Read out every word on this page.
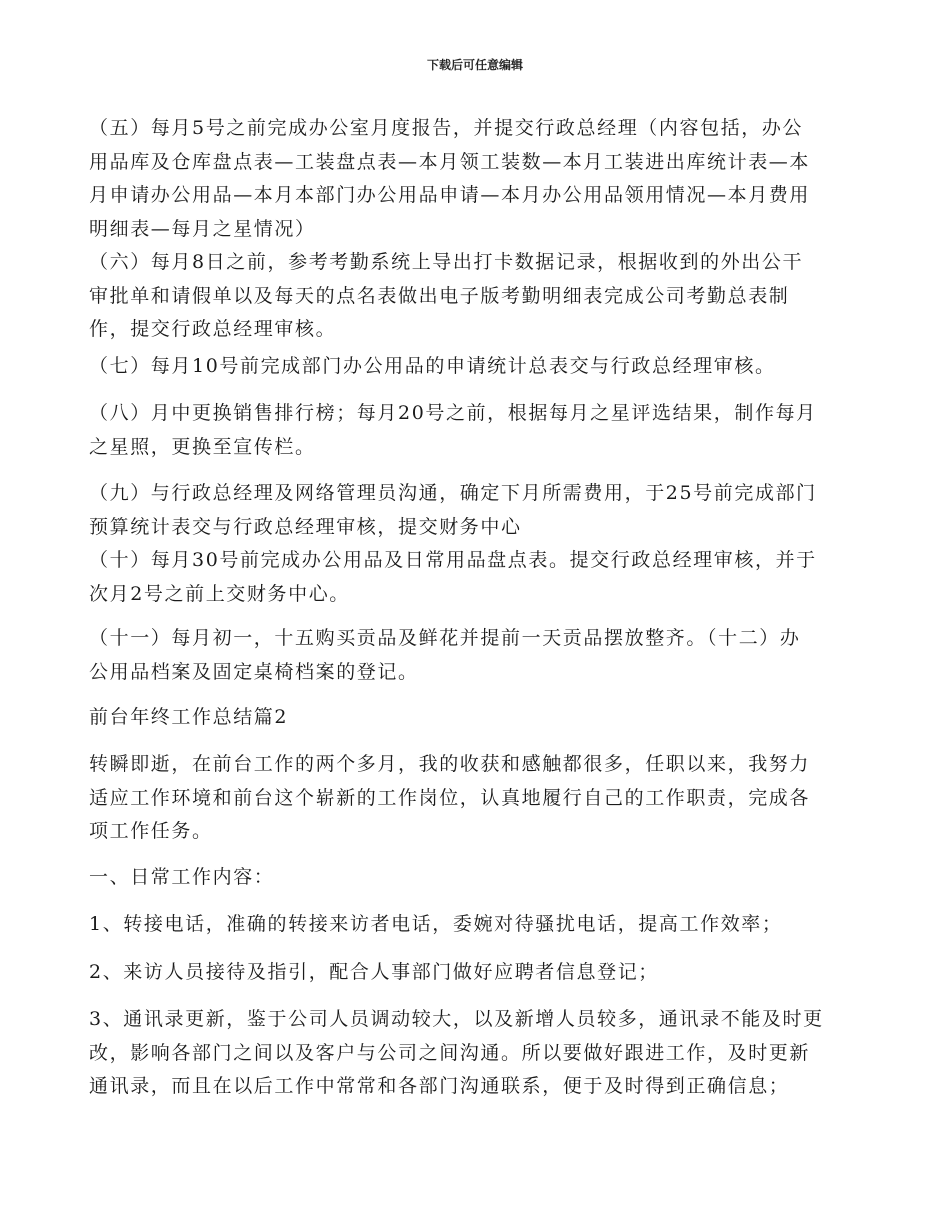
下载后可任意编辑
（五）每月5号之前完成办公室月度报告，并提交行政总经理（内容包括，办公
用品库及仓库盘点表—工装盘点表—本月领工装数—本月工装进出库统计表—本
月申请办公用品—本月本部门办公用品申请—本月办公用品领用情况—本月费用
明细表—每月之星情况）
（六）每月8日之前，参考考勤系统上导出打卡数据记录，根据收到的外出公干
审批单和请假单以及每天的点名表做出电子版考勤明细表完成公司考勤总表制
作，提交行政总经理审核。
（七）每月10号前完成部门办公用品的申请统计总表交与行政总经理审核。
（八）月中更换销售排行榜；每月20号之前，根据每月之星评选结果，制作每月
之星照，更换至宣传栏。
（九）与行政总经理及网络管理员沟通，确定下月所需费用，于25号前完成部门
预算统计表交与行政总经理审核，提交财务中心
（十）每月30号前完成办公用品及日常用品盘点表。提交行政总经理审核，并于
次月2号之前上交财务中心。
（十一）每月初一，十五购买贡品及鲜花并提前一天贡品摆放整齐。（十二）办
公用品档案及固定桌椅档案的登记。
前台年终工作总结篇2
转瞬即逝，在前台工作的两个多月，我的收获和感触都很多，任职以来，我努力
适应工作环境和前台这个崭新的工作岗位，认真地履行自己的工作职责，完成各
项工作任务。
一、日常工作内容：
1、转接电话，准确的转接来访者电话，委婉对待骚扰电话，提高工作效率；
2、来访人员接待及指引，配合人事部门做好应聘者信息登记；
3、通讯录更新，鉴于公司人员调动较大，以及新增人员较多，通讯录不能及时更
改，影响各部门之间以及客户与公司之间沟通。所以要做好跟进工作，及时更新
通讯录，而且在以后工作中常常和各部门沟通联系，便于及时得到正确信息；
